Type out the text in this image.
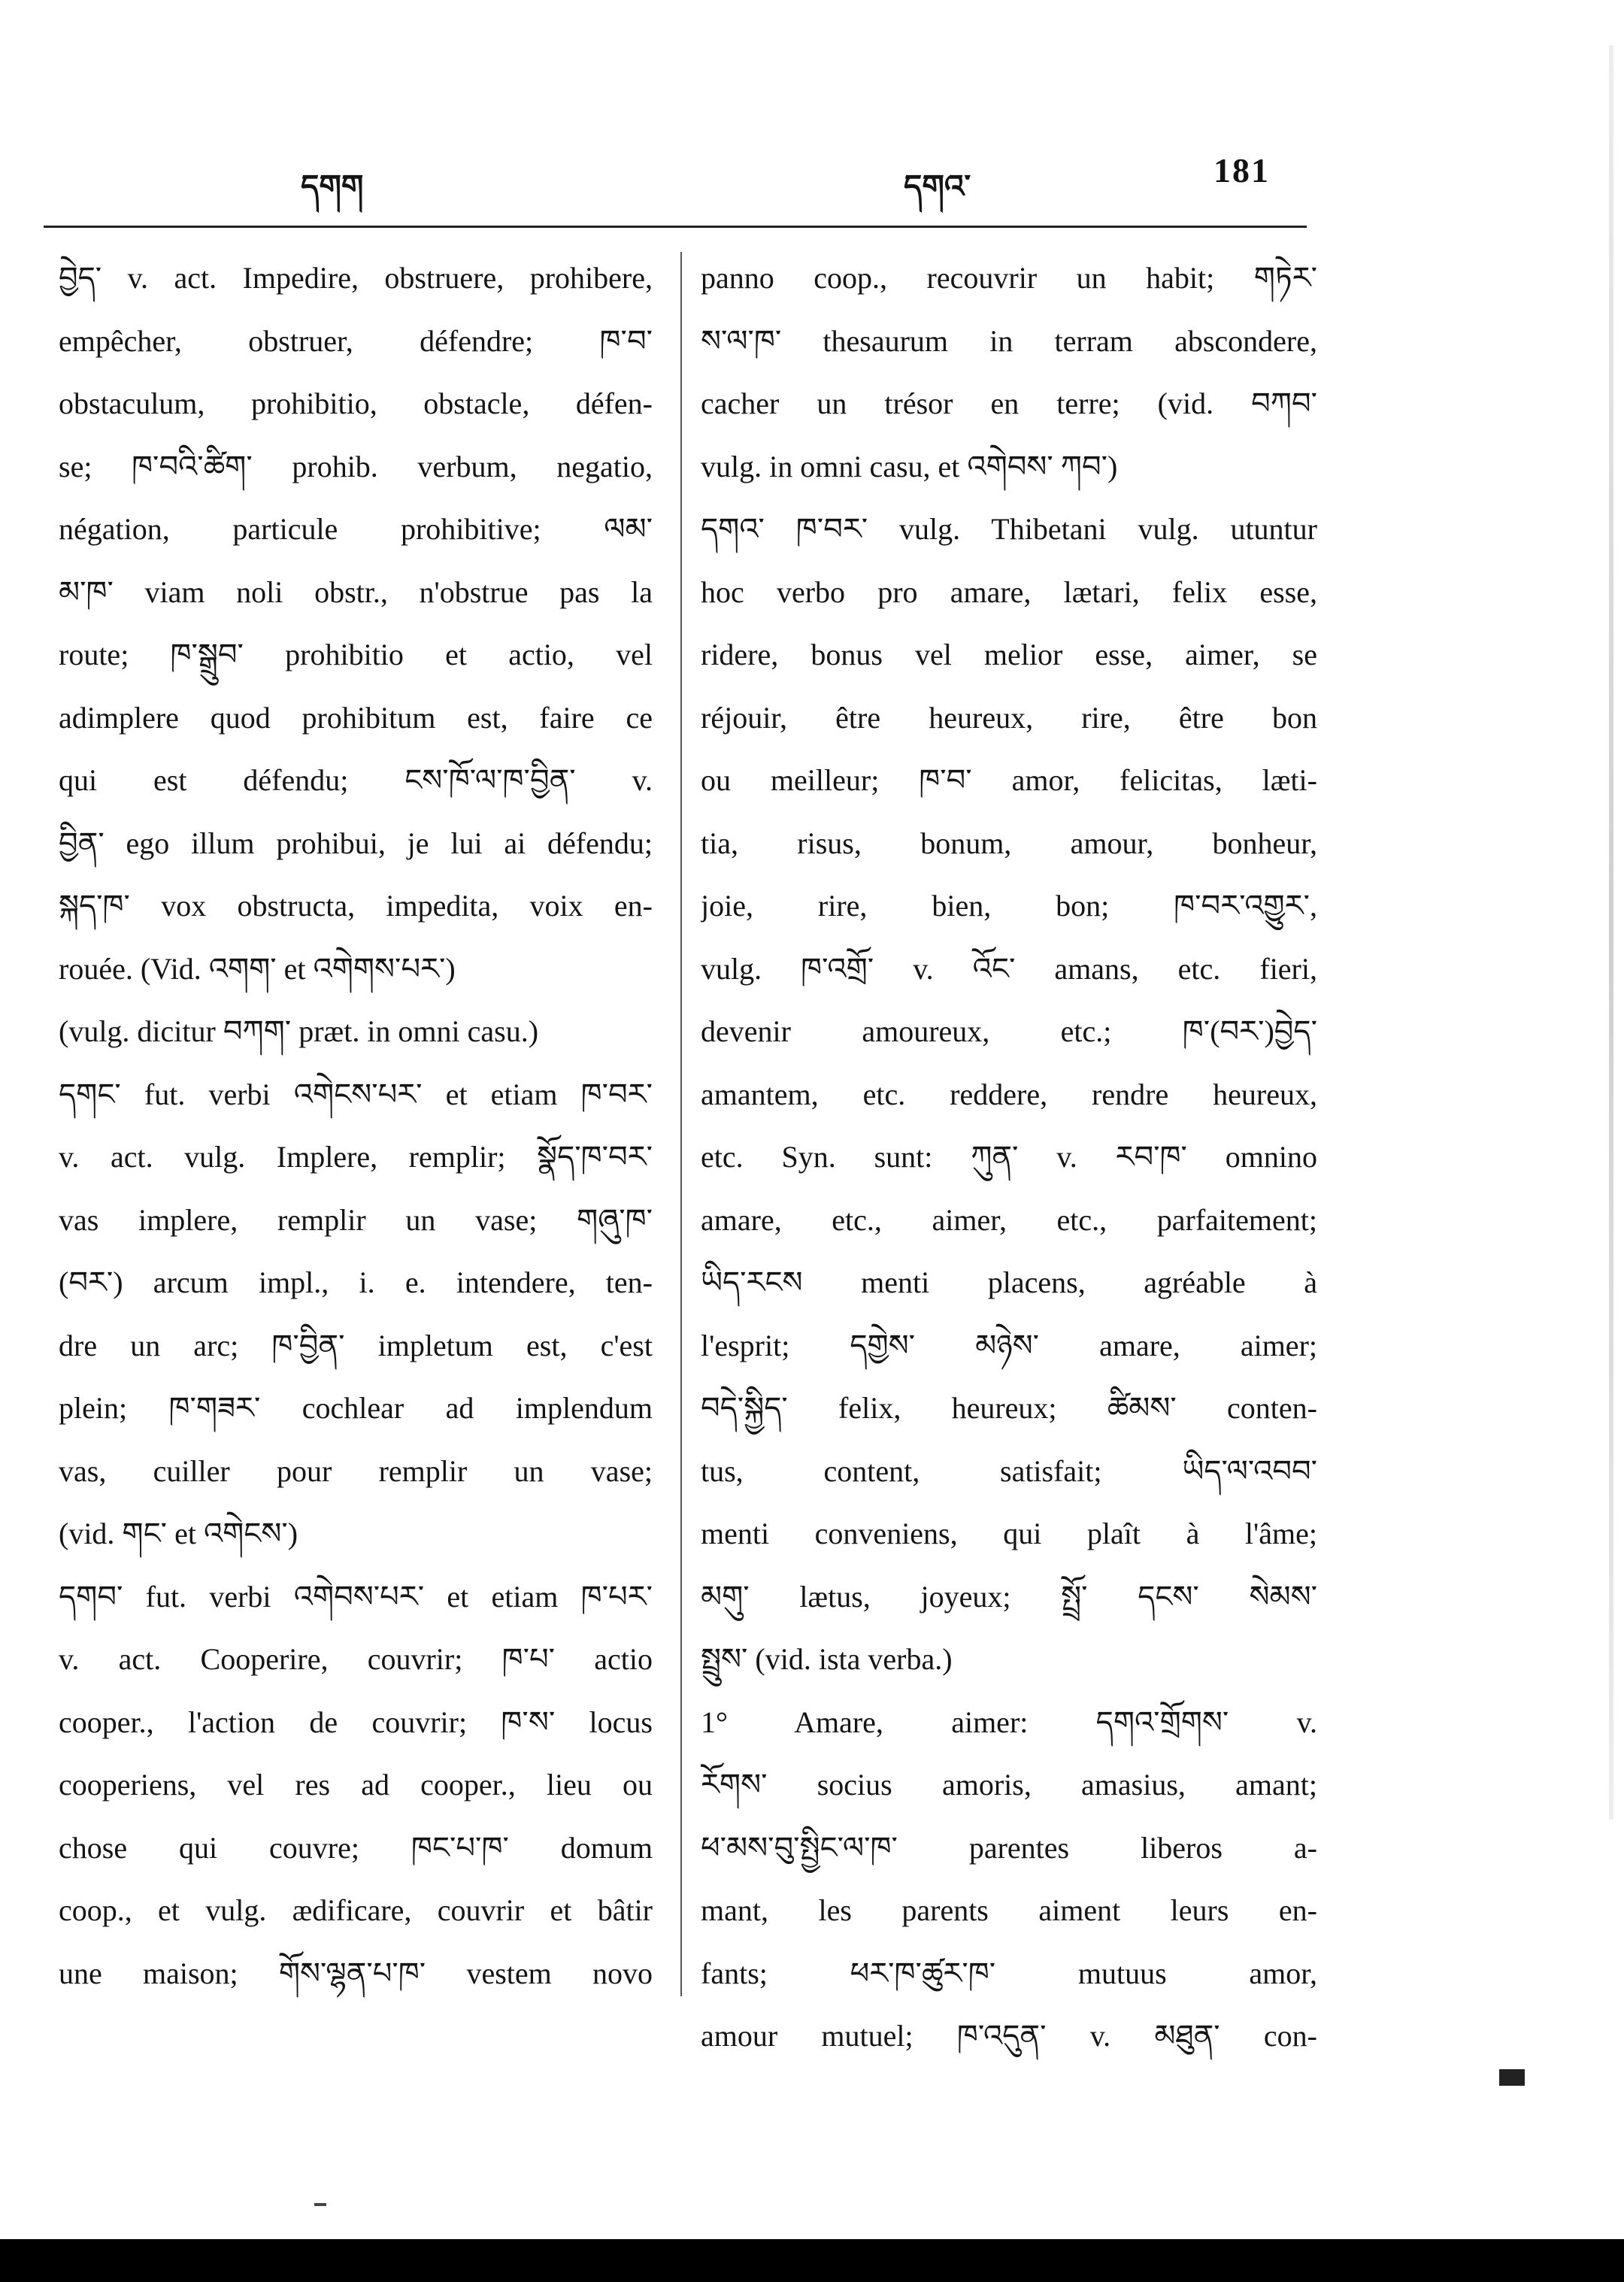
དགག	དགའ་	181
བྱེད་ v. act. Impedire, obstruere, prohibere,
empêcher, obstruer, défendre; ཁ་བ་
obstaculum, prohibitio, obstacle, défen-
se; ཁ་བའི་ཚིག་ prohib. verbum, negatio,
négation, particule prohibitive; ལམ་
མ་ཁ་ viam noli obstr., n'obstrue pas la
route; ཁ་སྒྲུབ་ prohibitio et actio, vel
adimplere quod prohibitum est, faire ce
qui est défendu; ངས་ཁོ་ལ་ཁ་བྱིན་ v.
བྱིན་ ego illum prohibui, je lui ai défendu;
སྐད་ཁ་ vox obstructa, impedita, voix en-
rouée. (Vid. འགག་ et འགེགས་པར་)
(vulg. dicitur བཀག་ præt. in omni casu.)
དགང་ fut. verbi འགེངས་པར་ et etiam ཁ་བར་
v. act. vulg. Implere, remplir; སྣོད་ཁ་བར་
vas implere, remplir un vase; གཞུ་ཁ་
(བར་) arcum impl., i. e. intendere, ten-
dre un arc; ཁ་བྱིན་ impletum est, c'est
plein; ཁ་གཟར་ cochlear ad implendum
vas, cuiller pour remplir un vase;
(vid. གང་ et འགེངས་)
དགབ་ fut. verbi འགེབས་པར་ et etiam ཁ་པར་
v. act. Cooperire, couvrir; ཁ་པ་ actio
cooper., l'action de couvrir; ཁ་ས་ locus
cooperiens, vel res ad cooper., lieu ou
chose qui couvre; ཁང་པ་ཁ་ domum
coop., et vulg. ædificare, couvrir et bâtir
une maison; གོས་ལྷན་པ་ཁ་ vestem novo
panno coop., recouvrir un habit; གཏེར་
ས་ལ་ཁ་ thesaurum in terram abscondere,
cacher un trésor en terre; (vid. བཀབ་
vulg. in omni casu, et འགེབས་ ཀབ་)
དགའ་ ཁ་བར་ vulg. Thibetani vulg. utuntur
hoc verbo pro amare, lætari, felix esse,
ridere, bonus vel melior esse, aimer, se
réjouir, être heureux, rire, être bon
ou meilleur; ཁ་བ་ amor, felicitas, læti-
tia, risus, bonum, amour, bonheur,
joie, rire, bien, bon; ཁ་བར་འགྱུར་,
vulg. ཁ་འགྲོ་ v. འོང་ amans, etc. fieri,
devenir amoureux, etc.; ཁ་(བར་)བྱེད་
amantem, etc. reddere, rendre heureux,
etc. Syn. sunt: ཀུན་ v. རབ་ཁ་ omnino
amare, etc., aimer, etc., parfaitement;
ཡིད་རངས menti placens, agréable à
l'esprit; དགྱེས་ མཉེས་ amare, aimer;
བདེ་སྐྱིད་ felix, heureux; ཚིམས་ conten-
tus, content, satisfait; ཡིད་ལ་འབབ་
menti conveniens, qui plaît à l'âme;
མགུ་ lætus, joyeux; སྤྲོ་ དངས་ སེམས་
སྤྲུས་ (vid. ista verba.)
1° Amare, aimer: དགའ་གྲོགས་ v.
རོགས་ socius amoris, amasius, amant;
ཕ་མས་བུ་སྤྱིང་ལ་ཁ་ parentes liberos a-
mant, les parents aiment leurs en-
fants; ཕར་ཁ་ཚུར་ཁ་ mutuus amor,
amour mutuel; ཁ་འདུན་ v. མཐུན་ con-
